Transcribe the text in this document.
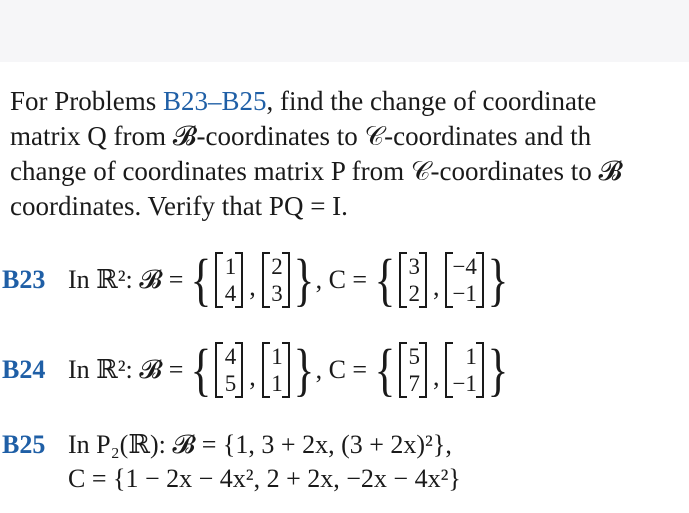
For Problems B23–B25, find the change of coordinate
matrix Q from 𝓑-coordinates to 𝒞-coordinates and th
change of coordinates matrix P from 𝒞-coordinates to 𝓑
coordinates. Verify that PQ = I.
B23 In ℝ²: 𝓑 = { 1
4 ,
2
3 } , C = { 3
2 ,
−4
−1 }
B24 In ℝ²: 𝓑 = { 4
5 ,
1
1 } , C = { 5
7 ,
1
−1 }
B25 In P₂(ℝ): 𝓑 = {1, 3 + 2x, (3 + 2x)²},
C = {1 − 2x − 4x², 2 + 2x, −2x − 4x²}
